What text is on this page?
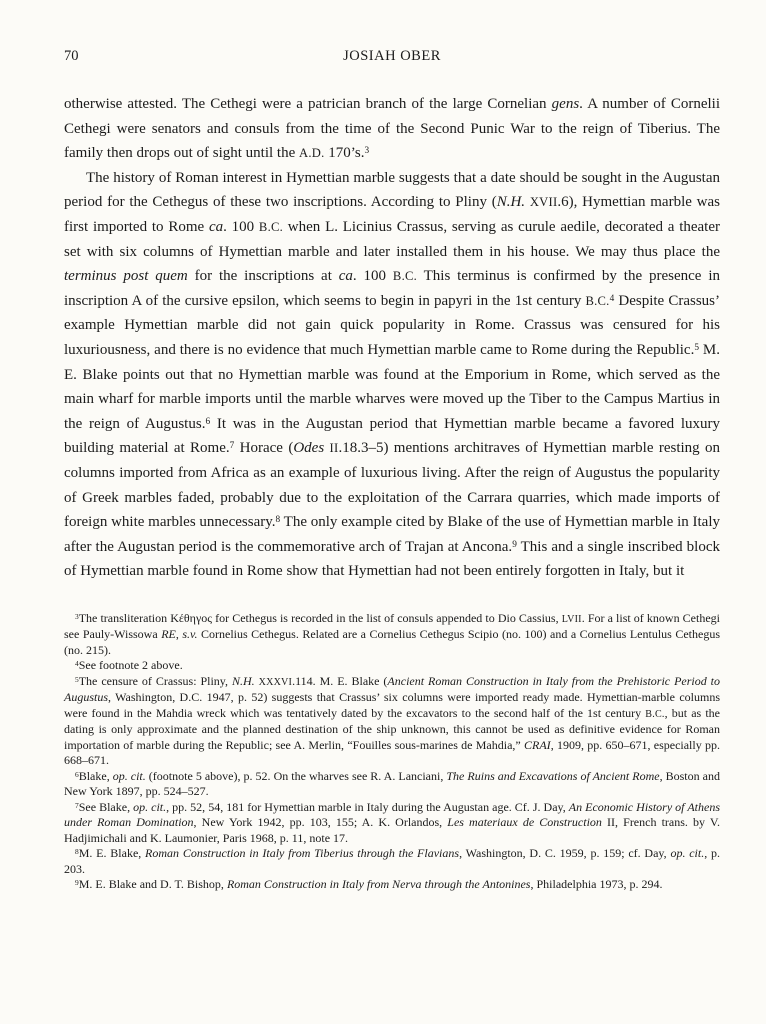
70	JOSIAH OBER

otherwise attested. The Cethegi were a patrician branch of the large Cornelian gens. A number of Cornelii Cethegi were senators and consuls from the time of the Second Punic War to the reign of Tiberius. The family then drops out of sight until the A.D. 170’s.$^3$

The history of Roman interest in Hymettian marble suggests that a date should be sought in the Augustan period for the Cethegus of these two inscriptions. According to Pliny (N.H. XVII.6), Hymettian marble was first imported to Rome ca. 100 B.C. when L. Licinius Crassus, serving as curule aedile, decorated a theater set with six columns of Hymettian marble and later installed them in his house. We may thus place the terminus post quem for the inscriptions at ca. 100 B.C. This terminus is confirmed by the presence in inscription A of the cursive epsilon, which seems to begin in papyri in the 1st century B.C.$^4$ Despite Crassus’ example Hymettian marble did not gain quick popularity in Rome. Crassus was censured for his luxuriousness, and there is no evidence that much Hymettian marble came to Rome during the Republic.$^5$ M. E. Blake points out that no Hymettian marble was found at the Emporium in Rome, which served as the main wharf for marble imports until the marble wharves were moved up the Tiber to the Campus Martius in the reign of Augustus.$^6$ It was in the Augustan period that Hymettian marble became a favored luxury building material at Rome.$^7$ Horace (Odes II.18.3–5) mentions architraves of Hymettian marble resting on columns imported from Africa as an example of luxurious living. After the reign of Augustus the popularity of Greek marbles faded, probably due to the exploitation of the Carrara quarries, which made imports of foreign white marbles unnecessary.$^8$ The only example cited by Blake of the use of Hymettian marble in Italy after the Augustan period is the commemorative arch of Trajan at Ancona.$^9$ This and a single inscribed block of Hymettian marble found in Rome show that Hymettian had not been entirely forgotten in Italy, but it

$^3$The transliteration Κέθηγος for Cethegus is recorded in the list of consuls appended to Dio Cassius, LVII. For a list of known Cethegi see Pauly-Wissowa RE, s.v. Cornelius Cethegus. Related are a Cornelius Cethegus Scipio (no. 100) and a Cornelius Lentulus Cethegus (no. 215).

$^4$See footnote 2 above.

$^5$The censure of Crassus: Pliny, N.H. XXXVI.114. M. E. Blake (Ancient Roman Construction in Italy from the Prehistoric Period to Augustus, Washington, D.C. 1947, p. 52) suggests that Crassus’ six columns were imported ready made. Hymettian-marble columns were found in the Mahdia wreck which was tentatively dated by the excavators to the second half of the 1st century B.C., but as the dating is only approximate and the planned destination of the ship unknown, this cannot be used as definitive evidence for Roman importation of marble during the Republic; see A. Merlin, “Fouilles sous-marines de Mahdia,” CRAI, 1909, pp. 650–671, especially pp. 668–671.

$^6$Blake, op. cit. (footnote 5 above), p. 52. On the wharves see R. A. Lanciani, The Ruins and Excavations of Ancient Rome, Boston and New York 1897, pp. 524–527.

$^7$See Blake, op. cit., pp. 52, 54, 181 for Hymettian marble in Italy during the Augustan age. Cf. J. Day, An Economic History of Athens under Roman Domination, New York 1942, pp. 103, 155; A. K. Orlandos, Les materiaux de Construction II, French trans. by V. Hadjimichali and K. Laumonier, Paris 1968, p. 11, note 17.

$^8$M. E. Blake, Roman Construction in Italy from Tiberius through the Flavians, Washington, D. C. 1959, p. 159; cf. Day, op. cit., p. 203.

$^9$M. E. Blake and D. T. Bishop, Roman Construction in Italy from Nerva through the Antonines, Philadelphia 1973, p. 294.
